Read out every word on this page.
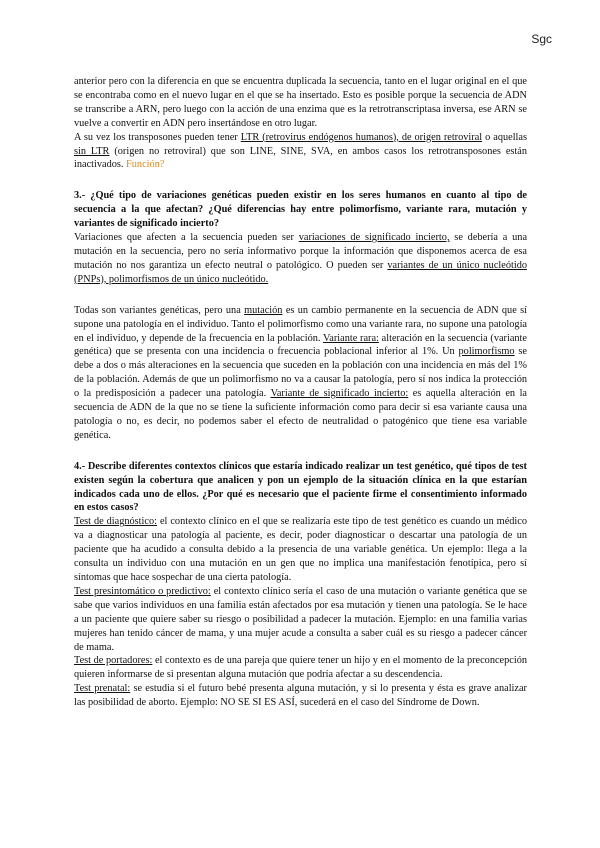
Sgc

anterior pero con la diferencia en que se encuentra duplicada la secuencia, tanto en el lugar original en el que se encontraba como en el nuevo lugar en el que se ha insertado. Esto es posible porque la secuencia de ADN se transcribe a ARN, pero luego con la acción de una enzima que es la retrotranscriptasa inversa, ese ARN se vuelve a convertir en ADN pero insertándose en otro lugar.

A su vez los transposones pueden tener LTR (retrovirus endógenos humanos), de origen retroviral o aquellas sin LTR (origen no retroviral) que son LINE, SINE, SVA, en ambos casos los retrotransposones están inactivados. Función?

3.- ¿Qué tipo de variaciones genéticas pueden existir en los seres humanos en cuanto al tipo de secuencia a la que afectan? ¿Qué diferencias hay entre polimorfismo, variante rara, mutación y variantes de significado incierto?

Variaciones que afecten a la secuencia pueden ser variaciones de significado incierto, se debería a una mutación en la secuencia, pero no sería informativo porque la información que disponemos acerca de esa mutación no nos garantiza un efecto neutral o patológico. O pueden ser variantes de un único nucleótido (PNPs), polimorfismos de un único nucleótido.

Todas son variantes genéticas, pero una mutación es un cambio permanente en la secuencia de ADN que sí supone una patología en el individuo. Tanto el polimorfismo como una variante rara, no supone una patología en el individuo, y depende de la frecuencia en la población. Variante rara: alteración en la secuencia (variante genética) que se presenta con una incidencia o frecuencia poblacional inferior al 1%. Un polimorfismo se debe a dos o más alteraciones en la secuencia que suceden en la población con una incidencia en más del 1% de la población. Además de que un polimorfismo no va a causar la patología, pero sí nos indica la protección o la predisposición a padecer una patología. Variante de significado incierto: es aquella alteración en la secuencia de ADN de la que no se tiene la suficiente información como para decir si esa variante causa una patología o no, es decir, no podemos saber el efecto de neutralidad o patogénico que tiene esa variable genética.

4.- Describe diferentes contextos clínicos que estaría indicado realizar un test genético, qué tipos de test existen según la cobertura que analicen y pon un ejemplo de la situación clínica en la que estarían indicados cada uno de ellos. ¿Por qué es necesario que el paciente firme el consentimiento informado en estos casos?

Test de diagnóstico: el contexto clínico en el que se realizaría este tipo de test genético es cuando un médico va a diagnosticar una patología al paciente, es decir, poder diagnosticar o descartar una patología de un paciente que ha acudido a consulta debido a la presencia de una variable genética. Un ejemplo: llega a la consulta un individuo con una mutación en un gen que no implica una manifestación fenotípica, pero sí síntomas que hace sospechar de una cierta patología.

Test presintomático o predictivo: el contexto clínico sería el caso de una mutación o variante genética que se sabe que varios individuos en una familia están afectados por esa mutación y tienen una patología. Se le hace a un paciente que quiere saber su riesgo o posibilidad a padecer la mutación. Ejemplo: en una familia varias mujeres han tenido cáncer de mama, y una mujer acude a consulta a saber cuál es su riesgo a padecer cáncer de mama.

Test de portadores: el contexto es de una pareja que quiere tener un hijo y en el momento de la preconcepción quieren informarse de si presentan alguna mutación que podría afectar a su descendencia.

Test prenatal: se estudia si el futuro bebé presenta alguna mutación, y si lo presenta y ésta es grave analizar las posibilidad de aborto. Ejemplo: NO SE SI ES ASÍ, sucederá en el caso del Síndrome de Down.
